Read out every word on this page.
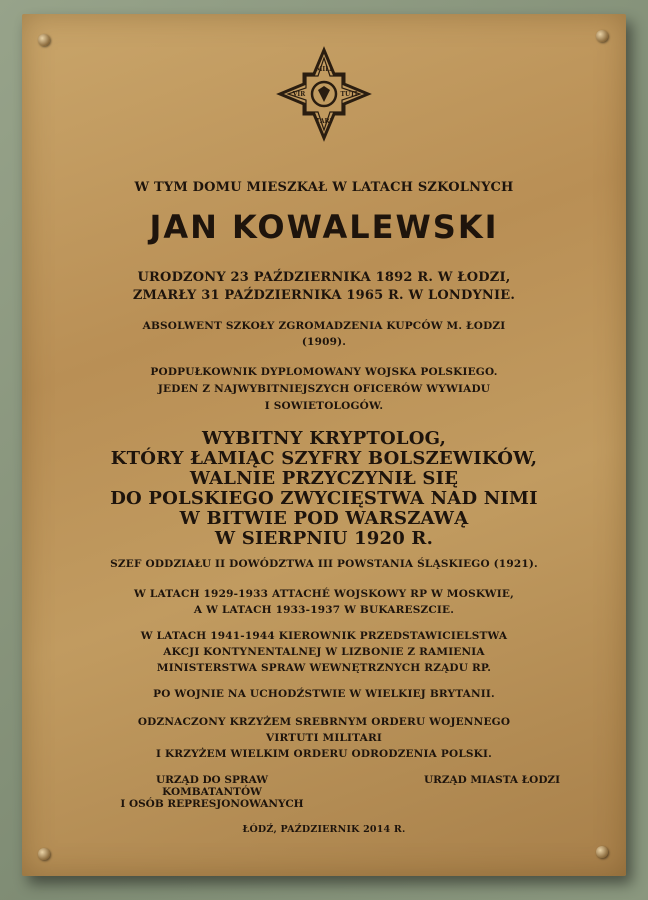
MILI
VIR	TUTI
TARI
W TYM DOMU MIESZKAŁ W LATACH SZKOLNYCH
JAN KOWALEWSKI
URODZONY 23 PAŹDZIERNIKA 1892 R. W ŁODZI,
ZMARŁY 31 PAŹDZIERNIKA 1965 R. W LONDYNIE.
ABSOLWENT SZKOŁY ZGROMADZENIA KUPCÓW M. ŁODZI
(1909).
PODPUŁKOWNIK DYPLOMOWANY WOJSKA POLSKIEGO.
JEDEN Z NAJWYBITNIEJSZYCH OFICERÓW WYWIADU
I SOWIETOLOGÓW.
WYBITNY KRYPTOLOG,
KTÓRY ŁAMIĄC SZYFRY BOLSZEWIKÓW,
WALNIE PRZYCZYNIŁ SIĘ
DO POLSKIEGO ZWYCIĘSTWA NAD NIMI
W BITWIE POD WARSZAWĄ
W SIERPNIU 1920 R.
SZEF ODDZIAŁU II DOWÓDZTWA III POWSTANIA ŚLĄSKIEGO (1921).
W LATACH 1929-1933 ATTACHÉ WOJSKOWY RP W MOSKWIE,
A W LATACH 1933-1937 W BUKARESZCIE.
W LATACH 1941-1944 KIEROWNIK PRZEDSTAWICIELSTWA
AKCJI KONTYNENTALNEJ W LIZBONIE Z RAMIENIA
MINISTERSTWA SPRAW WEWNĘTRZNYCH RZĄDU RP.
PO WOJNIE NA UCHODŹSTWIE W WIELKIEJ BRYTANII.
ODZNACZONY KRZYŻEM SREBRNYM ORDERU WOJENNEGO
VIRTUTI MILITARI
I KRZYŻEM WIELKIM ORDERU ODRODZENIA POLSKI.
URZĄD DO SPRAW KOMBATANTÓW
I OSÓB REPRESJONOWANYCH
URZĄD MIASTA ŁODZI
ŁÓDŹ, PAŹDZIERNIK 2014 R.
